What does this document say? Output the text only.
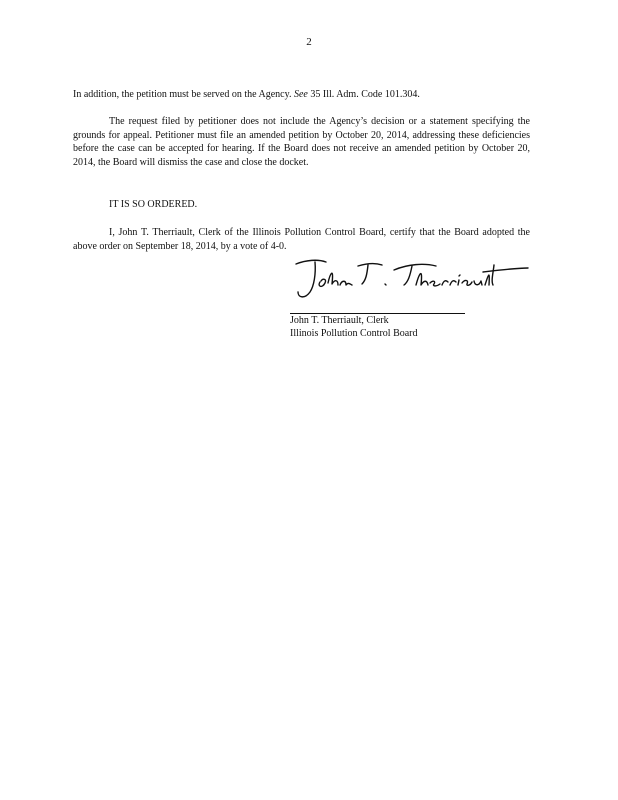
2

In addition, the petition must be served on the Agency. See 35 Ill. Adm. Code 101.304.

The request filed by petitioner does not include the Agency’s decision or a statement specifying the grounds for appeal. Petitioner must file an amended petition by October 20, 2014, addressing these deficiencies before the case can be accepted for hearing. If the Board does not receive an amended petition by October 20, 2014, the Board will dismiss the case and close the docket.

IT IS SO ORDERED.

I, John T. Therriault, Clerk of the Illinois Pollution Control Board, certify that the Board adopted the above order on September 18, 2014, by a vote of 4-0.

John T. Therriault, Clerk
Illinois Pollution Control Board
